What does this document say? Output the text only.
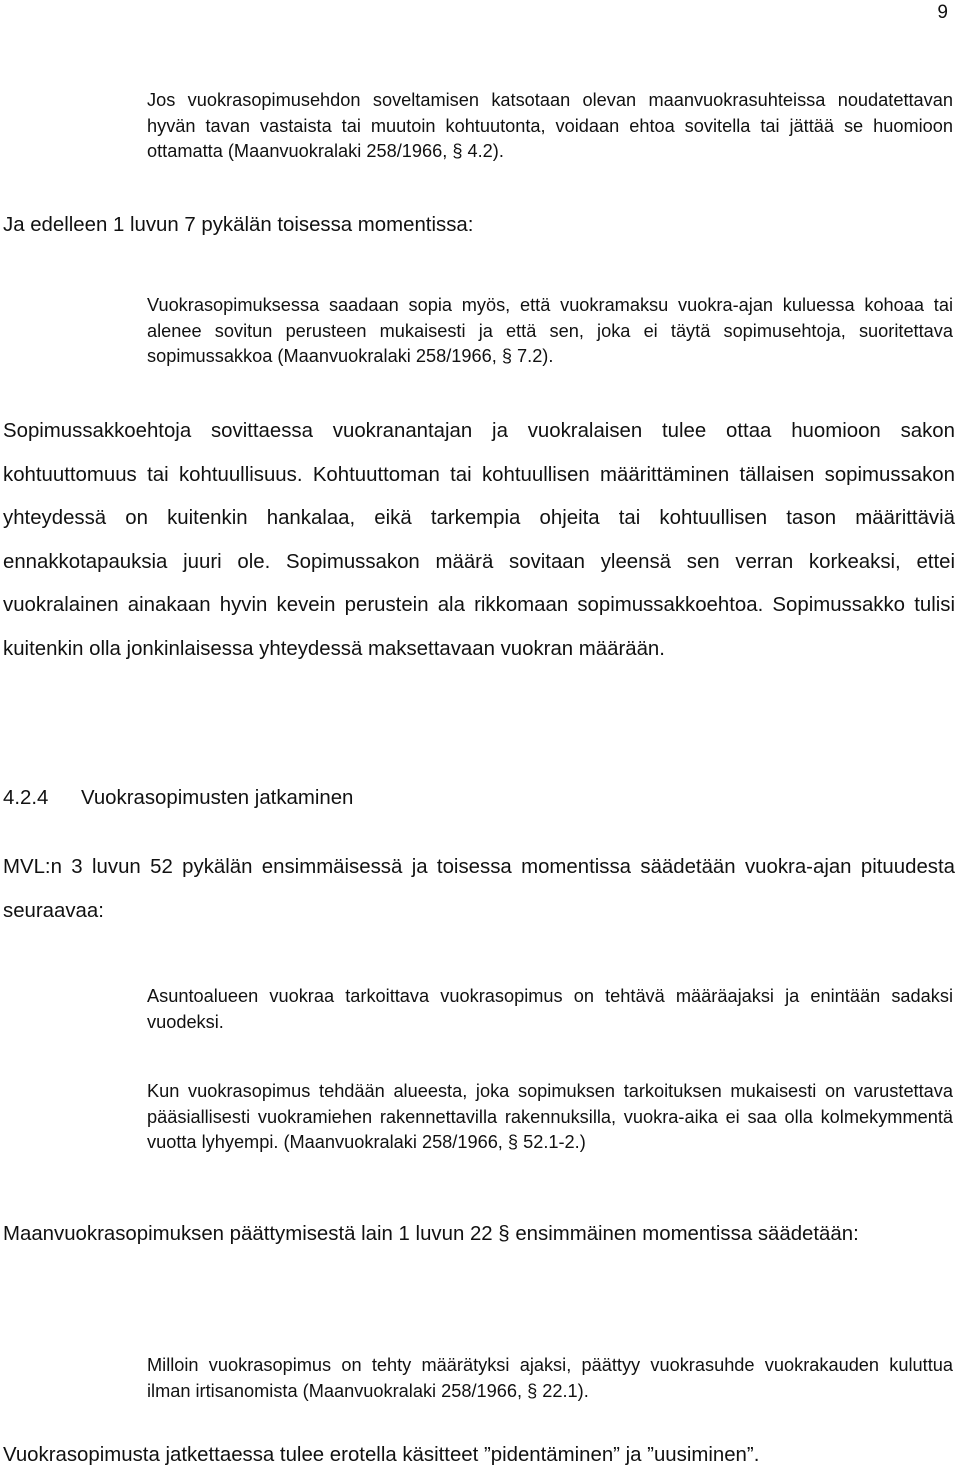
9

Jos vuokrasopimusehdon soveltamisen katsotaan olevan maanvuokrasuhteissa noudatettavan hyvän tavan vastaista tai muutoin kohtuutonta, voidaan ehtoa sovitella tai jättää se huomioon ottamatta (Maanvuokralaki 258/1966, § 4.2).

Ja edelleen 1 luvun 7 pykälän toisessa momentissa:

Vuokrasopimuksessa saadaan sopia myös, että vuokramaksu vuokra-ajan kuluessa kohoaa tai alenee sovitun perusteen mukaisesti ja että sen, joka ei täytä sopimusehtoja, suoritettava sopimussakkoa (Maanvuokralaki 258/1966, § 7.2).

Sopimussakkoehtoja sovittaessa vuokranantajan ja vuokralaisen tulee ottaa huomioon sakon kohtuuttomuus tai kohtuullisuus. Kohtuuttoman tai kohtuullisen määrittäminen tällaisen sopimussakon yhteydessä on kuitenkin hankalaa, eikä tarkempia ohjeita tai kohtuullisen tason määrittäviä ennakkotapauksia juuri ole. Sopimussakon määrä sovitaan yleensä sen verran korkeaksi, ettei vuokralainen ainakaan hyvin kevein perustein ala rikkomaan sopimussakkoehtoa. Sopimussakko tulisi kuitenkin olla jonkinlaisessa yhteydessä maksettavaan vuokran määrään.

4.2.4 Vuokrasopimusten jatkaminen

MVL:n 3 luvun 52 pykälän ensimmäisessä ja toisessa momentissa säädetään vuokra-ajan pituudesta seuraavaa:

Asuntoalueen vuokraa tarkoittava vuokrasopimus on tehtävä määräajaksi ja enintään sadaksi vuodeksi.

Kun vuokrasopimus tehdään alueesta, joka sopimuksen tarkoituksen mukaisesti on varustettava pääsiallisesti vuokramiehen rakennettavilla rakennuksilla, vuokra-aika ei saa olla kolmekymmentä vuotta lyhyempi. (Maanvuokralaki 258/1966, § 52.1-2.)

Maanvuokrasopimuksen päättymisestä lain 1 luvun 22 § ensimmäinen momentissa säädetään:

Milloin vuokrasopimus on tehty määrätyksi ajaksi, päättyy vuokrasuhde vuokrakauden kuluttua ilman irtisanomista (Maanvuokralaki 258/1966, § 22.1).

Vuokrasopimusta jatkettaessa tulee erotella käsitteet ”pidentäminen” ja ”uusiminen”.
